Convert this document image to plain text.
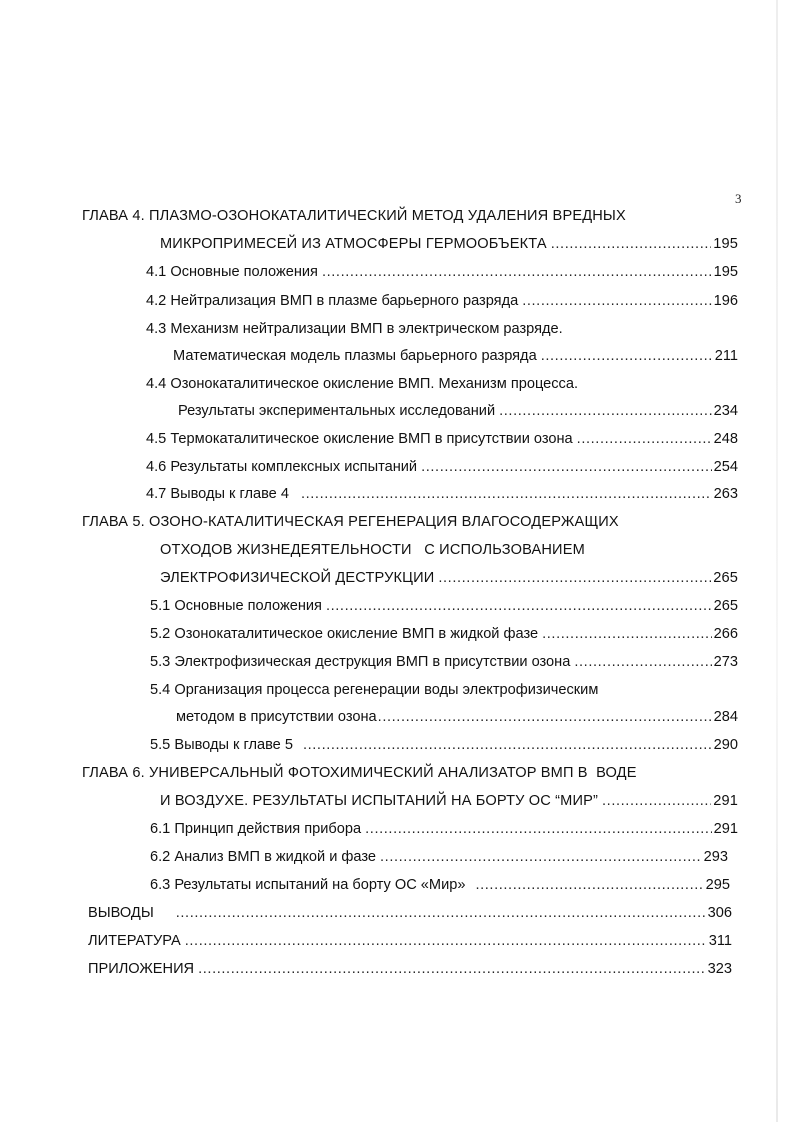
3
ГЛАВА 4. ПЛАЗМО-ОЗОНОКАТАЛИТИЧЕСКИЙ МЕТОД УДАЛЕНИЯ ВРЕДНЫХ
МИКРОПРИМЕСЕЙ ИЗ АТМОСФЕРЫ ГЕРМООБЪЕКТА .....	195
4.1 Основные положения .....	195
4.2 Нейтрализация ВМП в плазме барьерного разряда .....	196
4.3 Механизм нейтрализации ВМП в электрическом разряде.
Математическая модель плазмы барьерного разряда .....	211
4.4 Озонокаталитическое окисление ВМП. Механизм процесса.
Результаты экспериментальных исследований .....	234
4.5 Термокаталитическое окисление ВМП в присутствии озона .....	248
4.6 Результаты комплексных испытаний .....	254
4.7 Выводы к главе 4 .....	263
ГЛАВА 5. ОЗОНО-КАТАЛИТИЧЕСКАЯ РЕГЕНЕРАЦИЯ ВЛАГОСОДЕРЖАЩИХ
ОТХОДОВ ЖИЗНЕДЕЯТЕЛЬНОСТИ   С ИСПОЛЬЗОВАНИЕМ
ЭЛЕКТРОФИЗИЧЕСКОЙ ДЕСТРУКЦИИ .....	265
5.1 Основные положения .....	265
5.2 Озонокаталитическое окисление ВМП в жидкой фазе .....	266
5.3 Электрофизическая деструкция ВМП в присутствии озона .....	273
5.4 Организация процесса регенерации воды электрофизическим
методом в присутствии озона .....	284
5.5 Выводы к главе 5 .....	290
ГЛАВА 6. УНИВЕРСАЛЬНЫЙ ФОТОХИМИЧЕСКИЙ АНАЛИЗАТОР ВМП В  ВОДЕ
И ВОЗДУХЕ. РЕЗУЛЬТАТЫ ИСПЫТАНИЙ НА БОРТУ ОС “МИР” .....	291
6.1 Принцип действия прибора .....	291
6.2 Анализ ВМП в жидкой и фазе .....	293
6.3 Результаты испытаний на борту ОС «Мир» .....	295
ВЫВОДЫ .....	306
ЛИТЕРАТУРА .....	311
ПРИЛОЖЕНИЯ .....	323
